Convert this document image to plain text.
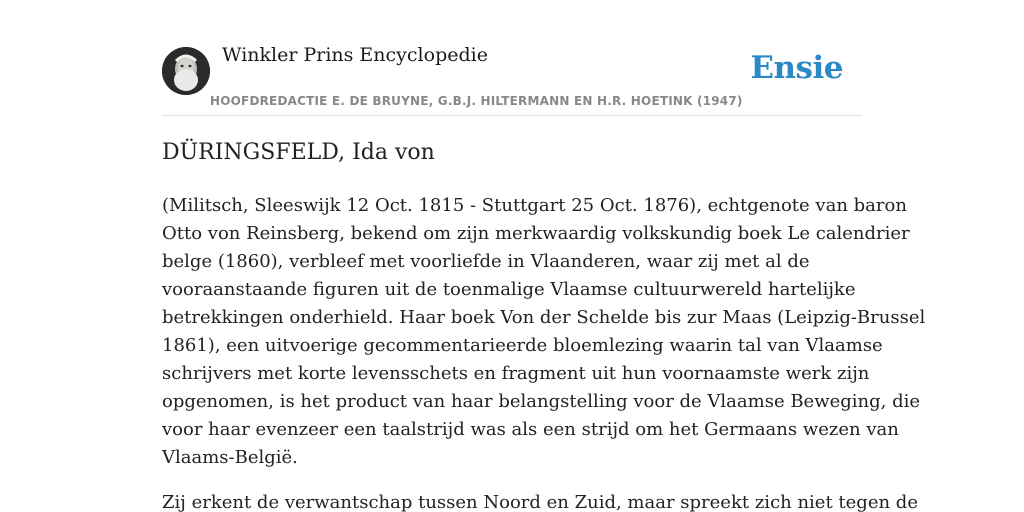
Winkler Prins Encyclopedie
HOOFDREDACTIE E. DE BRUYNE, G.B.J. HILTERMANN EN H.R. HOETINK (1947)
Ensie
DÜRINGSFELD, Ida von

(Militsch, Sleeswijk 12 Oct. 1815 - Stuttgart 25 Oct. 1876), echtgenote van baron
Otto von Reinsberg, bekend om zijn merkwaardig volkskundig boek Le calendrier
belge (1860), verbleef met voorliefde in Vlaanderen, waar zij met al de
vooraanstaande figuren uit de toenmalige Vlaamse cultuurwereld hartelijke
betrekkingen onderhield. Haar boek Von der Schelde bis zur Maas (Leipzig-Brussel
1861), een uitvoerige gecommentarieerde bloemlezing waarin tal van Vlaamse
schrijvers met korte levensschets en fragment uit hun voornaamste werk zijn
opgenomen, is het product van haar belangstelling voor de Vlaamse Beweging, die
voor haar evenzeer een taalstrijd was als een strijd om het Germaans wezen van
Vlaams-België.

Zij erkent de verwantschap tussen Noord en Zuid, maar spreekt zich niet tegen de
